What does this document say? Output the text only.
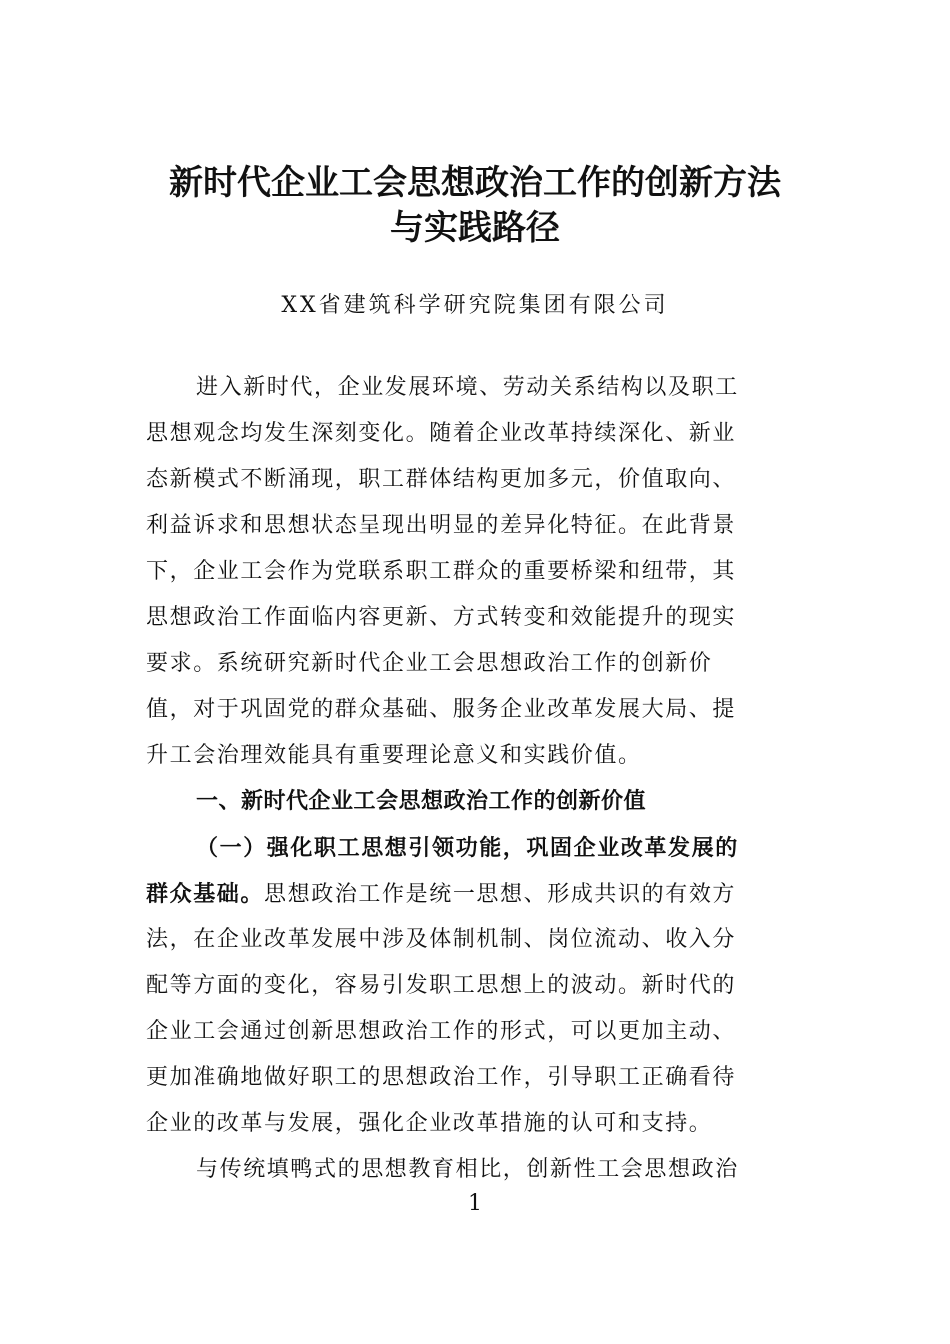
新时代企业工会思想政治工作的创新方法
与实践路径
XX省建筑科学研究院集团有限公司
进入新时代，企业发展环境、劳动关系结构以及职工
思想观念均发生深刻变化。随着企业改革持续深化、新业
态新模式不断涌现，职工群体结构更加多元，价值取向、
利益诉求和思想状态呈现出明显的差异化特征。在此背景
下，企业工会作为党联系职工群众的重要桥梁和纽带，其
思想政治工作面临内容更新、方式转变和效能提升的现实
要求。系统研究新时代企业工会思想政治工作的创新价
值，对于巩固党的群众基础、服务企业改革发展大局、提
升工会治理效能具有重要理论意义和实践价值。
一、新时代企业工会思想政治工作的创新价值
（一）强化职工思想引领功能，巩固企业改革发展的
群众基础。思想政治工作是统一思想、形成共识的有效方
法，在企业改革发展中涉及体制机制、岗位流动、收入分
配等方面的变化，容易引发职工思想上的波动。新时代的
企业工会通过创新思想政治工作的形式，可以更加主动、
更加准确地做好职工的思想政治工作，引导职工正确看待
企业的改革与发展，强化企业改革措施的认可和支持。
与传统填鸭式的思想教育相比，创新性工会思想政治
1
